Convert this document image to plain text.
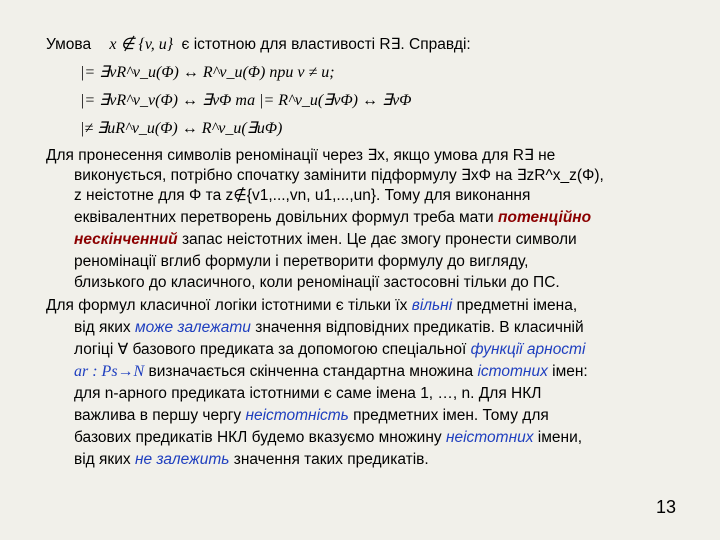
Умова x ∉ {v, u} є істотною для властивості R∃. Справді:
|= ∃vR^v_u(Φ) ↔ R^v_u(Φ) при v ≠ u;
|= ∃vR^v_v(Φ) ↔ ∃vΦ та |= R^v_u(∃vΦ) ↔ ∃vΦ
|≠ ∃uR^v_u(Φ) ↔ R^v_u(∃uΦ)
Для пронесення символів реномінації через ∃x, якщо умова для R∃ не
виконується, потрібно спочатку замінити підформулу ∃xΦ на ∃zR^x_z(Φ),
z неістотне для Φ та z∉{v1,...,vn, u1,...,un}. Тому для виконання
еквівалентних перетворень довільних формул треба мати потенційно
нескінченний запас неістотних імен. Це дає змогу пронести символи
реномінації вглиб формули і перетворити формулу до вигляду,
близького до класичного, коли реномінації застосовні тільки до ПС.
Для формул класичної логіки істотними є тільки їх вільні предметні імена,
від яких може залежати значення відповідних предикатів. В класичній
логіці ∀ базового предиката за допомогою спеціальної функції арності
ar : Ps→N визначається скінченна стандартна множина істотних імен:
для n-арного предиката істотними є саме імена 1, …, n. Для НКЛ
важлива в першу чергу неістотність предметних імен. Тому для
базових предикатів НКЛ будемо вказуємо множину неістотних імени,
від яких не залежить значення таких предикатів.
13
